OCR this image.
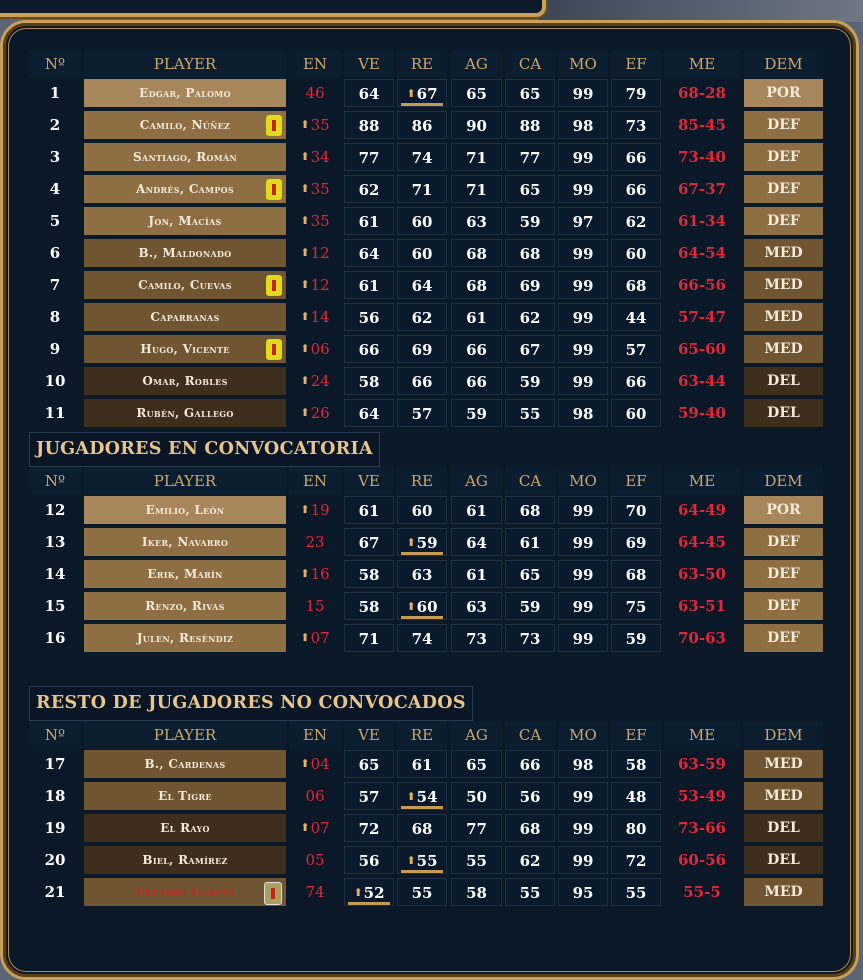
Nº	PLAYER	EN	VE	RE	AG	CA	MO	EF	ME	DEM
1	Edgar, Palomo	46	64	⬆67	65	65	99	79	68-28	POR
2	Camilo, Núñez	⬆35	88	86	90	88	98	73	85-45	DEF
3	Santiago, Román	⬆34	77	74	71	77	99	66	73-40	DEF
4	Andrés, Campos	⬆35	62	71	71	65	99	66	67-37	DEF
5	Jon, Macías	⬆35	61	60	63	59	97	62	61-34	DEF
6	B., Maldonado	⬆12	64	60	68	68	99	60	64-54	MED
7	Camilo, Cuevas	⬆12	61	64	68	69	99	68	66-56	MED
8	Caparranas	⬆14	56	62	61	62	99	44	57-47	MED
9	Hugo, Vicente	⬆06	66	69	66	67	99	57	65-60	MED
10	Omar, Robles	⬆24	58	66	66	59	99	66	63-44	DEL
11	Rubén, Gallego	⬆26	64	57	59	55	98	60	59-40	DEL
JUGADORES EN CONVOCATORIA
Nº	PLAYER	EN	VE	RE	AG	CA	MO	EF	ME	DEM
12	Emilio, León	⬆19	61	60	61	68	99	70	64-49	POR
13	Iker, Navarro	23	67	⬆59	64	61	99	69	64-45	DEF
14	Erik, Marín	⬆16	58	63	61	65	99	68	63-50	DEF
15	Renzo, Rivas	15	58	⬆60	63	59	99	75	63-51	DEF
16	Julen, Reséndiz	⬆07	71	74	73	73	99	59	70-63	DEF
RESTO DE JUGADORES NO CONVOCADOS
Nº	PLAYER	EN	VE	RE	AG	CA	MO	EF	ME	DEM
17	B., Cardenas	⬆04	65	61	65	66	98	58	63-59	MED
18	El Tigre	06	57	⬆54	50	56	99	48	53-49	MED
19	El Rayo	⬆07	72	68	77	68	99	80	73-66	DEL
20	Biel, Ramírez	05	56	⬆55	55	62	99	72	60-56	DEL
21	Eduardo Garcés	74	⬆52	55	58	55	95	55	55-5	MED
